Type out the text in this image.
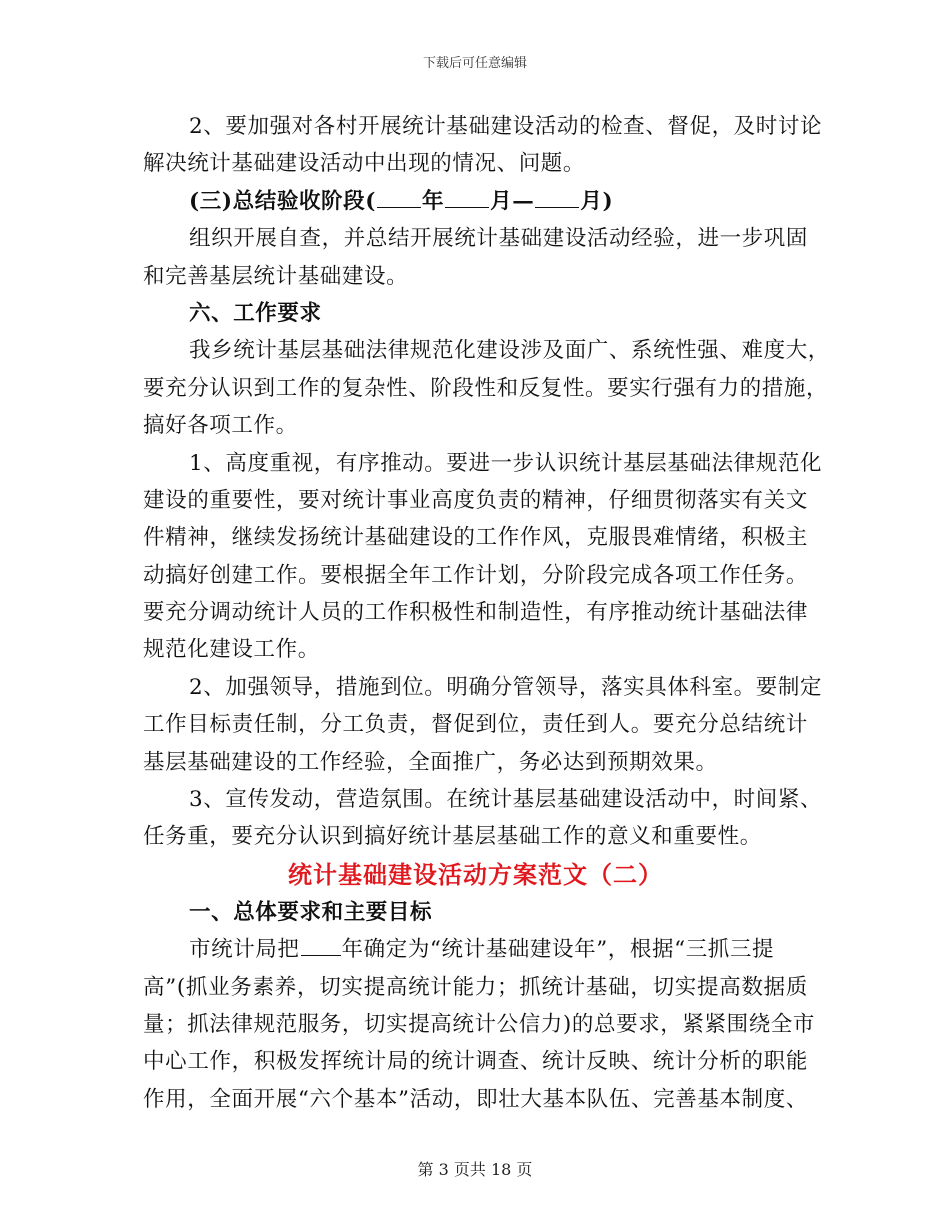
下载后可任意编辑
2、要加强对各村开展统计基础建设活动的检查、督促，及时讨论
解决统计基础建设活动中出现的情况、问题。
(三)总结验收阶段( 年 月— 月)
组织开展自查，并总结开展统计基础建设活动经验，进一步巩固
和完善基层统计基础建设。
六、工作要求
我乡统计基层基础法律规范化建设涉及面广、系统性强、难度大，
要充分认识到工作的复杂性、阶段性和反复性。要实行强有力的措施，
搞好各项工作。
1、高度重视，有序推动。要进一步认识统计基层基础法律规范化
建设的重要性，要对统计事业高度负责的精神，仔细贯彻落实有关文
件精神，继续发扬统计基础建设的工作作风，克服畏难情绪，积极主
动搞好创建工作。要根据全年工作计划，分阶段完成各项工作任务。
要充分调动统计人员的工作积极性和制造性，有序推动统计基础法律
规范化建设工作。
2、加强领导，措施到位。明确分管领导，落实具体科室。要制定
工作目标责任制，分工负责，督促到位，责任到人。要充分总结统计
基层基础建设的工作经验，全面推广，务必达到预期效果。
3、宣传发动，营造氛围。在统计基层基础建设活动中，时间紧、
任务重，要充分认识到搞好统计基层基础工作的意义和重要性。
统计基础建设活动方案范文（二）
一、总体要求和主要目标
市统计局把 年确定为“统计基础建设年”，根据“三抓三提
高”(抓业务素养，切实提高统计能力；抓统计基础，切实提高数据质
量；抓法律规范服务，切实提高统计公信力)的总要求，紧紧围绕全市
中心工作，积极发挥统计局的统计调查、统计反映、统计分析的职能
作用，全面开展“六个基本”活动，即壮大基本队伍、完善基本制度、
第 3 页共 18 页
